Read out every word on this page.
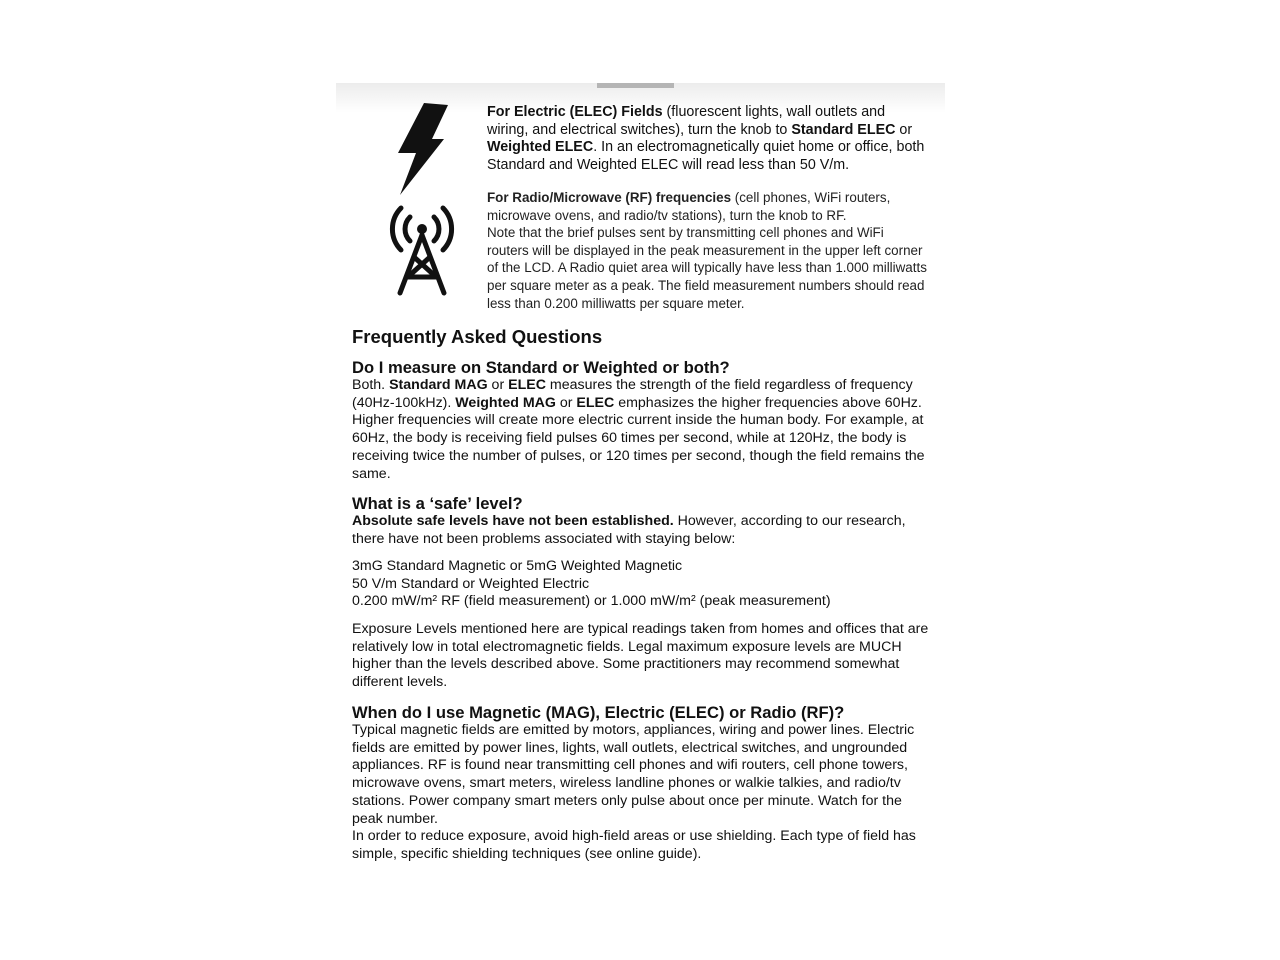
For Electric (ELEC) Fields (fluorescent lights, wall outlets and wiring, and electrical switches), turn the knob to Standard ELEC or Weighted ELEC. In an electromagnetically quiet home or office, both Standard and Weighted ELEC will read less than 50 V/m.
For Radio/Microwave (RF) frequencies (cell phones, WiFi routers, microwave ovens, and radio/tv stations), turn the knob to RF.
Note that the brief pulses sent by transmitting cell phones and WiFi routers will be displayed in the peak measurement in the upper left corner of the LCD. A Radio quiet area will typically have less than 1.000 milliwatts per square meter as a peak. The field measurement numbers should read less than 0.200 milliwatts per square meter.
Frequently Asked Questions
Do I measure on Standard or Weighted or both?
Both. Standard MAG or ELEC measures the strength of the field regardless of frequency (40Hz-100kHz). Weighted MAG or ELEC emphasizes the higher frequencies above 60Hz. Higher frequencies will create more electric current inside the human body. For example, at 60Hz, the body is receiving field pulses 60 times per second, while at 120Hz, the body is receiving twice the number of pulses, or 120 times per second, though the field remains the same.
What is a ‘safe’ level?
Absolute safe levels have not been established. However, according to our research, there have not been problems associated with staying below:
3mG Standard Magnetic or 5mG Weighted Magnetic
50 V/m Standard or Weighted Electric
0.200 mW/m² RF (field measurement) or 1.000 mW/m² (peak measurement)
Exposure Levels mentioned here are typical readings taken from homes and offices that are relatively low in total electromagnetic fields. Legal maximum exposure levels are MUCH higher than the levels described above. Some practitioners may recommend somewhat different levels.
When do I use Magnetic (MAG), Electric (ELEC) or Radio (RF)?
Typical magnetic fields are emitted by motors, appliances, wiring and power lines. Electric fields are emitted by power lines, lights, wall outlets, electrical switches, and ungrounded appliances. RF is found near transmitting cell phones and wifi routers, cell phone towers, microwave ovens, smart meters, wireless landline phones or walkie talkies, and radio/tv stations. Power company smart meters only pulse about once per minute. Watch for the peak number.
In order to reduce exposure, avoid high-field areas or use shielding. Each type of field has simple, specific shielding techniques (see online guide).
